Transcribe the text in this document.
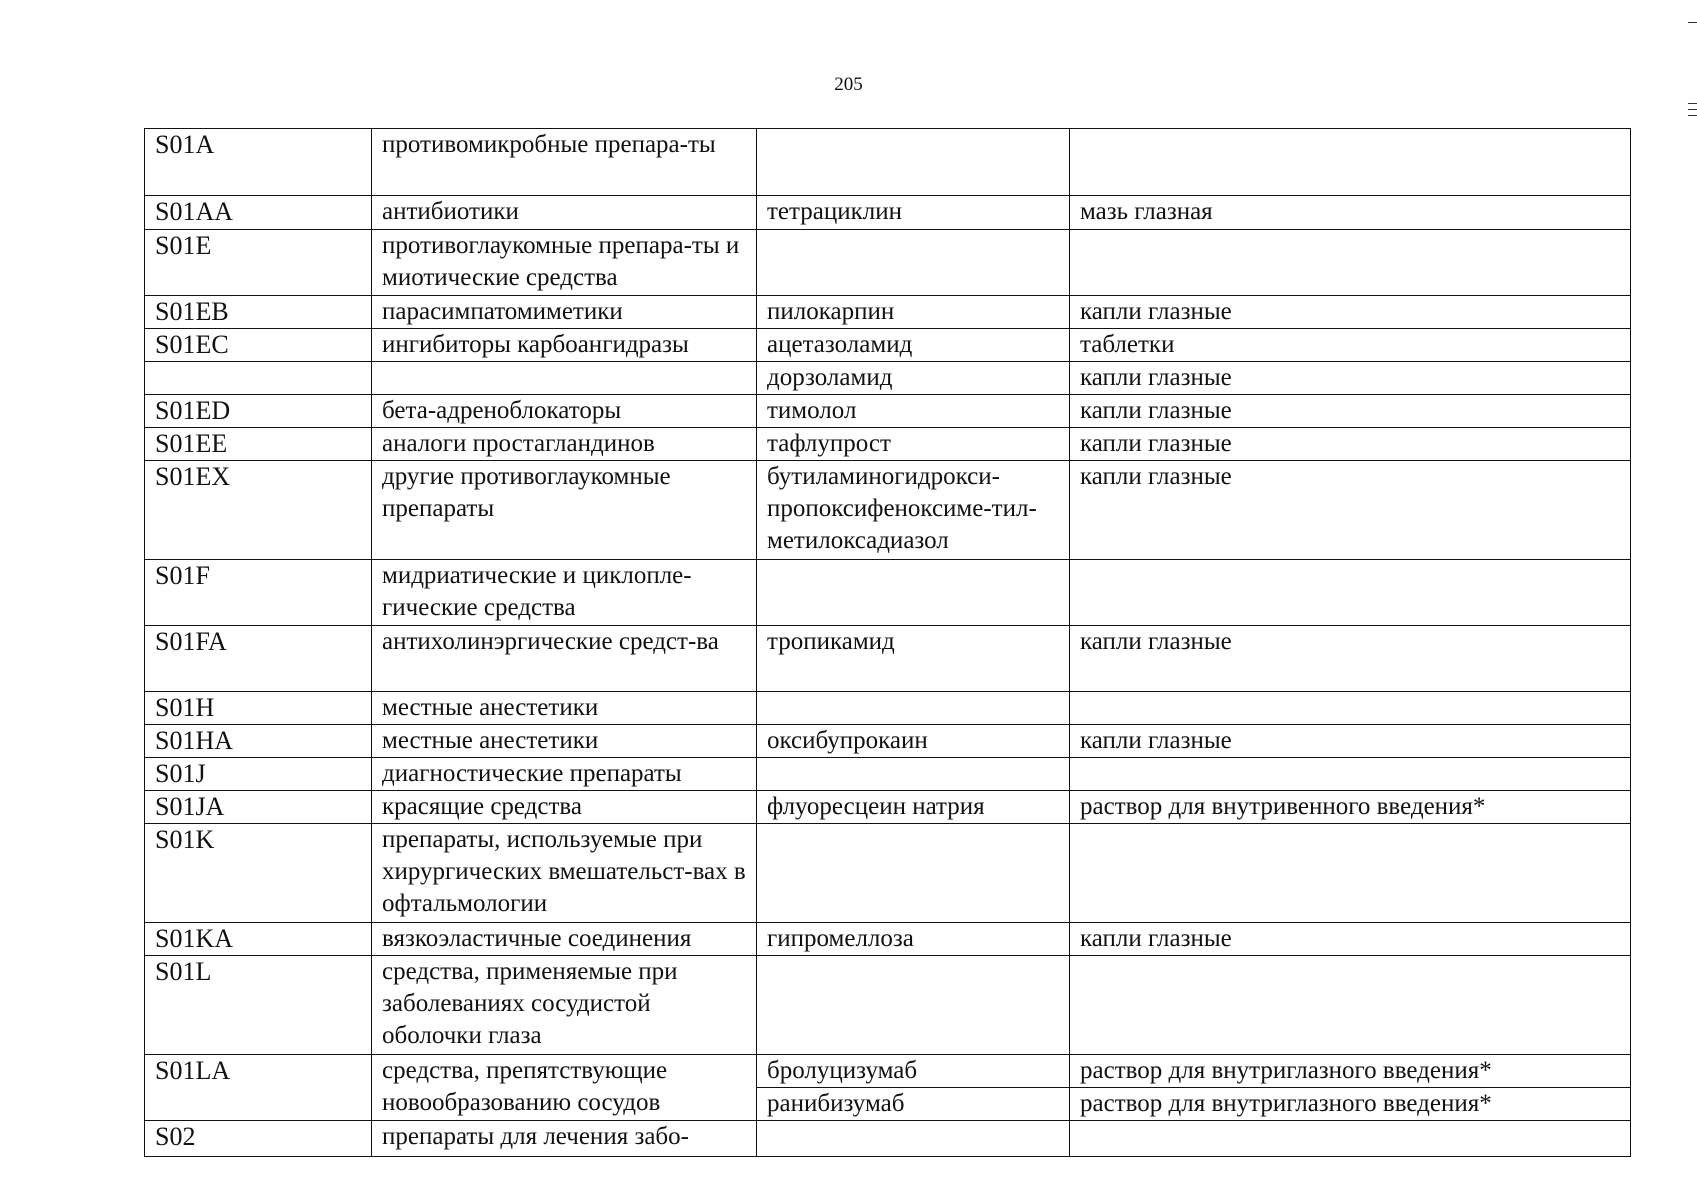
205
S01A	противомикробные препара-ты		
S01AA	антибиотики	тетрациклин	мазь глазная
S01E	противоглаукомные препара-ты и миотические средства		
S01EB	парасимпатомиметики	пилокарпин	капли глазные
S01EC	ингибиторы карбоангидразы	ацетазоламид	таблетки
		дорзоламид	капли глазные
S01ED	бета-адреноблокаторы	тимолол	капли глазные
S01EE	аналоги простагландинов	тафлупрост	капли глазные
S01EX	другие противоглаукомные препараты	бутиламиногидрокси-пропоксифеноксиме-тил-метилоксадиазол	капли глазные
S01F	мидриатические и циклопле-гические средства		
S01FA	антихолинэргические средст-ва	тропикамид	капли глазные
S01H	местные анестетики		
S01HA	местные анестетики	оксибупрокаин	капли глазные
S01J	диагностические препараты		
S01JA	красящие средства	флуоресцеин натрия	раствор для внутривенного введения*
S01K	препараты, используемые при хирургических вмешательст-вах в офтальмологии		
S01KA	вязкоэластичные соединения	гипромеллоза	капли глазные
S01L	средства, применяемые при заболеваниях сосудистой оболочки глаза		
S01LA	средства, препятствующие новообразованию сосудов	бролуцизумаб	раствор для внутриглазного введения*
		ранибизумаб	раствор для внутриглазного введения*
S02	препараты для лечения забо-		
